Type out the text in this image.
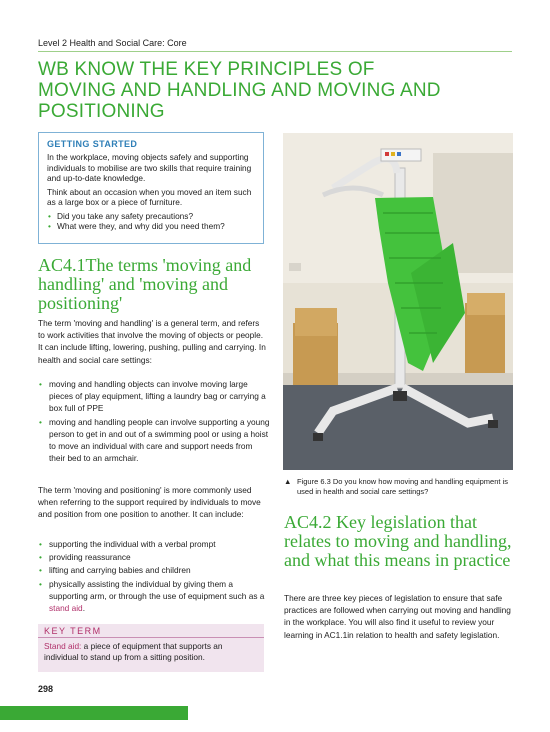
Level 2 Health and Social Care: Core
WB KNOW THE KEY PRINCIPLES OF
MOVING AND HANDLING AND MOVING AND
POSITIONING
GETTING STARTED

In the workplace, moving objects safely and supporting individuals to mobilise are two skills that require training and up-to-date knowledge.

Think about an occasion when you moved an item such as a large box or a piece of furniture.

• Did you take any safety precautions?
• What were they, and why did you need them?
AC4.1The terms 'moving and handling' and 'moving and positioning'

The term 'moving and handling' is a general term, and refers to work activities that involve the moving of objects or people. It can include lifting, lowering, pushing, pulling and carrying. In health and social care settings:

• moving and handling objects can involve moving large pieces of play equipment, lifting a laundry bag or carrying a box full of PPE
• moving and handling people can involve supporting a young person to get in and out of a swimming pool or using a hoist to move an individual with care and support needs from their bed to an armchair.

The term 'moving and positioning' is more commonly used when referring to the support required by individuals to move and position from one position to another. It can include:

• supporting the individual with a verbal prompt
• providing reassurance
• lifting and carrying babies and children
• physically assisting the individual by giving them a supporting arm, or through the use of equipment such as a stand aid.
KEY TERM
Stand aid: a piece of equipment that supports an individual to stand up from a sitting position.
▲ Figure 6.3 Do you know how moving and handling equipment is used in health and social care settings?
AC4.2 Key legislation that relates to moving and handling, and what this means in practice

There are three key pieces of legislation to ensure that safe practices are followed when carrying out moving and handling in the workplace. You will also find it useful to review your learning in AC1.1in relation to health and safety legislation.

298
